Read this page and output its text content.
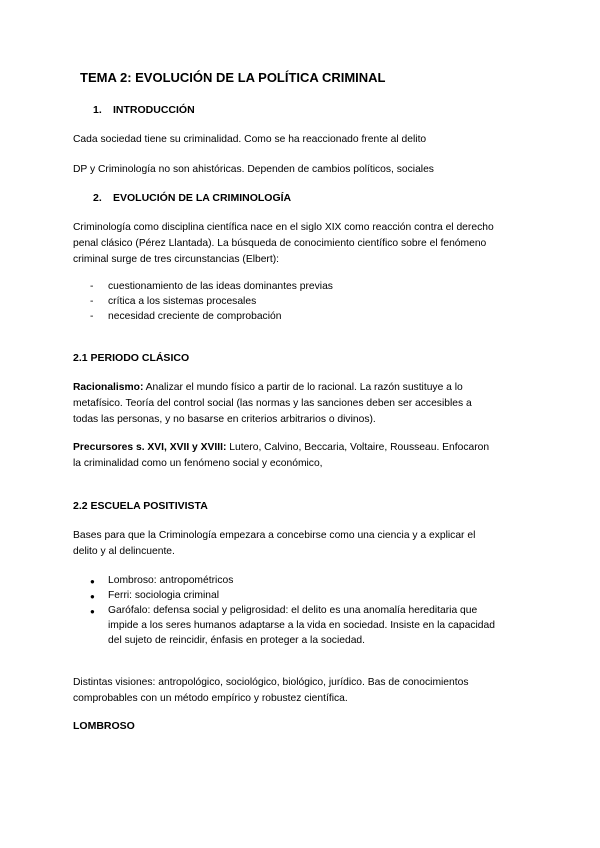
TEMA 2: EVOLUCIÓN DE LA POLÍTICA CRIMINAL
1. INTRODUCCIÓN
Cada sociedad tiene su criminalidad. Como se ha reaccionado frente al delito
DP y Criminología no son ahistóricas. Dependen de cambios políticos, sociales
2. EVOLUCIÓN DE LA CRIMINOLOGÍA
Criminología como disciplina científica nace en el siglo XIX como reacción contra el derecho
penal clásico (Pérez Llantada). La búsqueda de conocimiento científico sobre el fenómeno
criminal surge de tres circunstancias (Elbert):
- cuestionamiento de las ideas dominantes previas
- crítica a los sistemas procesales
- necesidad creciente de comprobación
2.1 PERIODO CLÁSICO
Racionalismo: Analizar el mundo físico a partir de lo racional. La razón sustituye a lo
metafísico. Teoría del control social (las normas y las sanciones deben ser accesibles a
todas las personas, y no basarse en criterios arbitrarios o divinos).
Precursores s. XVI, XVII y XVIII: Lutero, Calvino, Beccaria, Voltaire, Rousseau. Enfocaron
la criminalidad como un fenómeno social y económico,
2.2 ESCUELA POSITIVISTA
Bases para que la Criminología empezara a concebirse como una ciencia y a explicar el
delito y al delincuente.
● Lombroso: antropométricos
● Ferri: sociologia criminal
● Garófalo: defensa social y peligrosidad: el delito es una anomalía hereditaria que
impide a los seres humanos adaptarse a la vida en sociedad. Insiste en la capacidad
del sujeto de reincidir, énfasis en proteger a la sociedad.
Distintas visiones: antropológico, sociológico, biológico, jurídico. Bas de conocimientos
comprobables con un método empírico y robustez científica.
LOMBROSO
